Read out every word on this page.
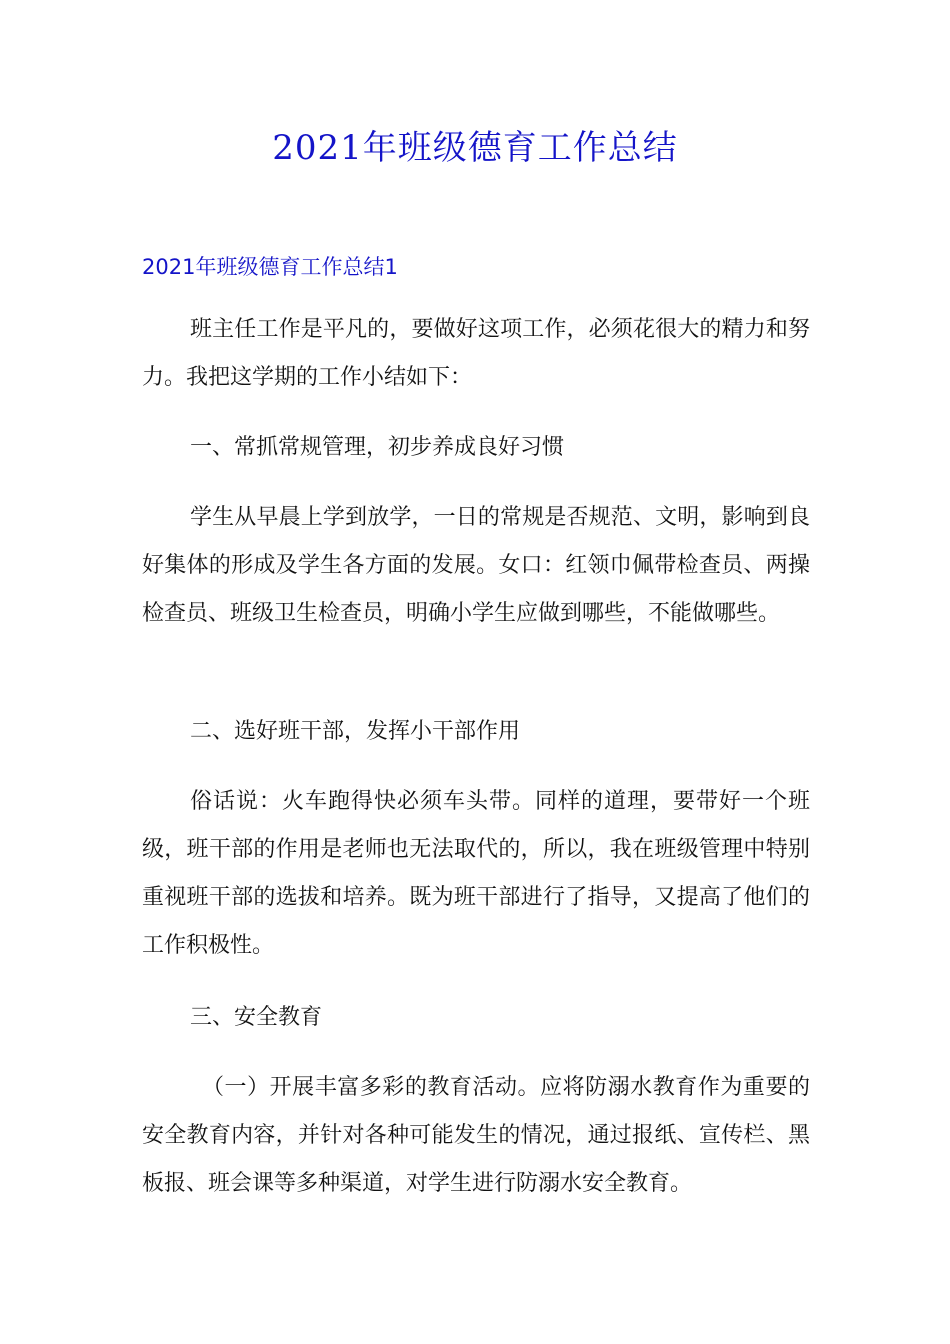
2021年班级德育工作总结
2021年班级德育工作总结1

班主任工作是平凡的，要做好这项工作，必须花很大的精力和努力。我把这学期的工作小结如下：

一、常抓常规管理，初步养成良好习惯

学生从早晨上学到放学，一日的常规是否规范、文明，影响到良好集体的形成及学生各方面的发展。女口：红领巾佩带检查员、两操检查员、班级卫生检查员，明确小学生应做到哪些，不能做哪些。

二、选好班干部，发挥小干部作用

俗话说：火车跑得快必须车头带。同样的道理，要带好一个班级，班干部的作用是老师也无法取代的，所以，我在班级管理中特别重视班干部的选拔和培养。既为班干部进行了指导，又提高了他们的工作积极性。

三、安全教育

（一）开展丰富多彩的教育活动。应将防溺水教育作为重要的安全教育内容，并针对各种可能发生的情况，通过报纸、宣传栏、黑板报、班会课等多种渠道，对学生进行防溺水安全教育。
